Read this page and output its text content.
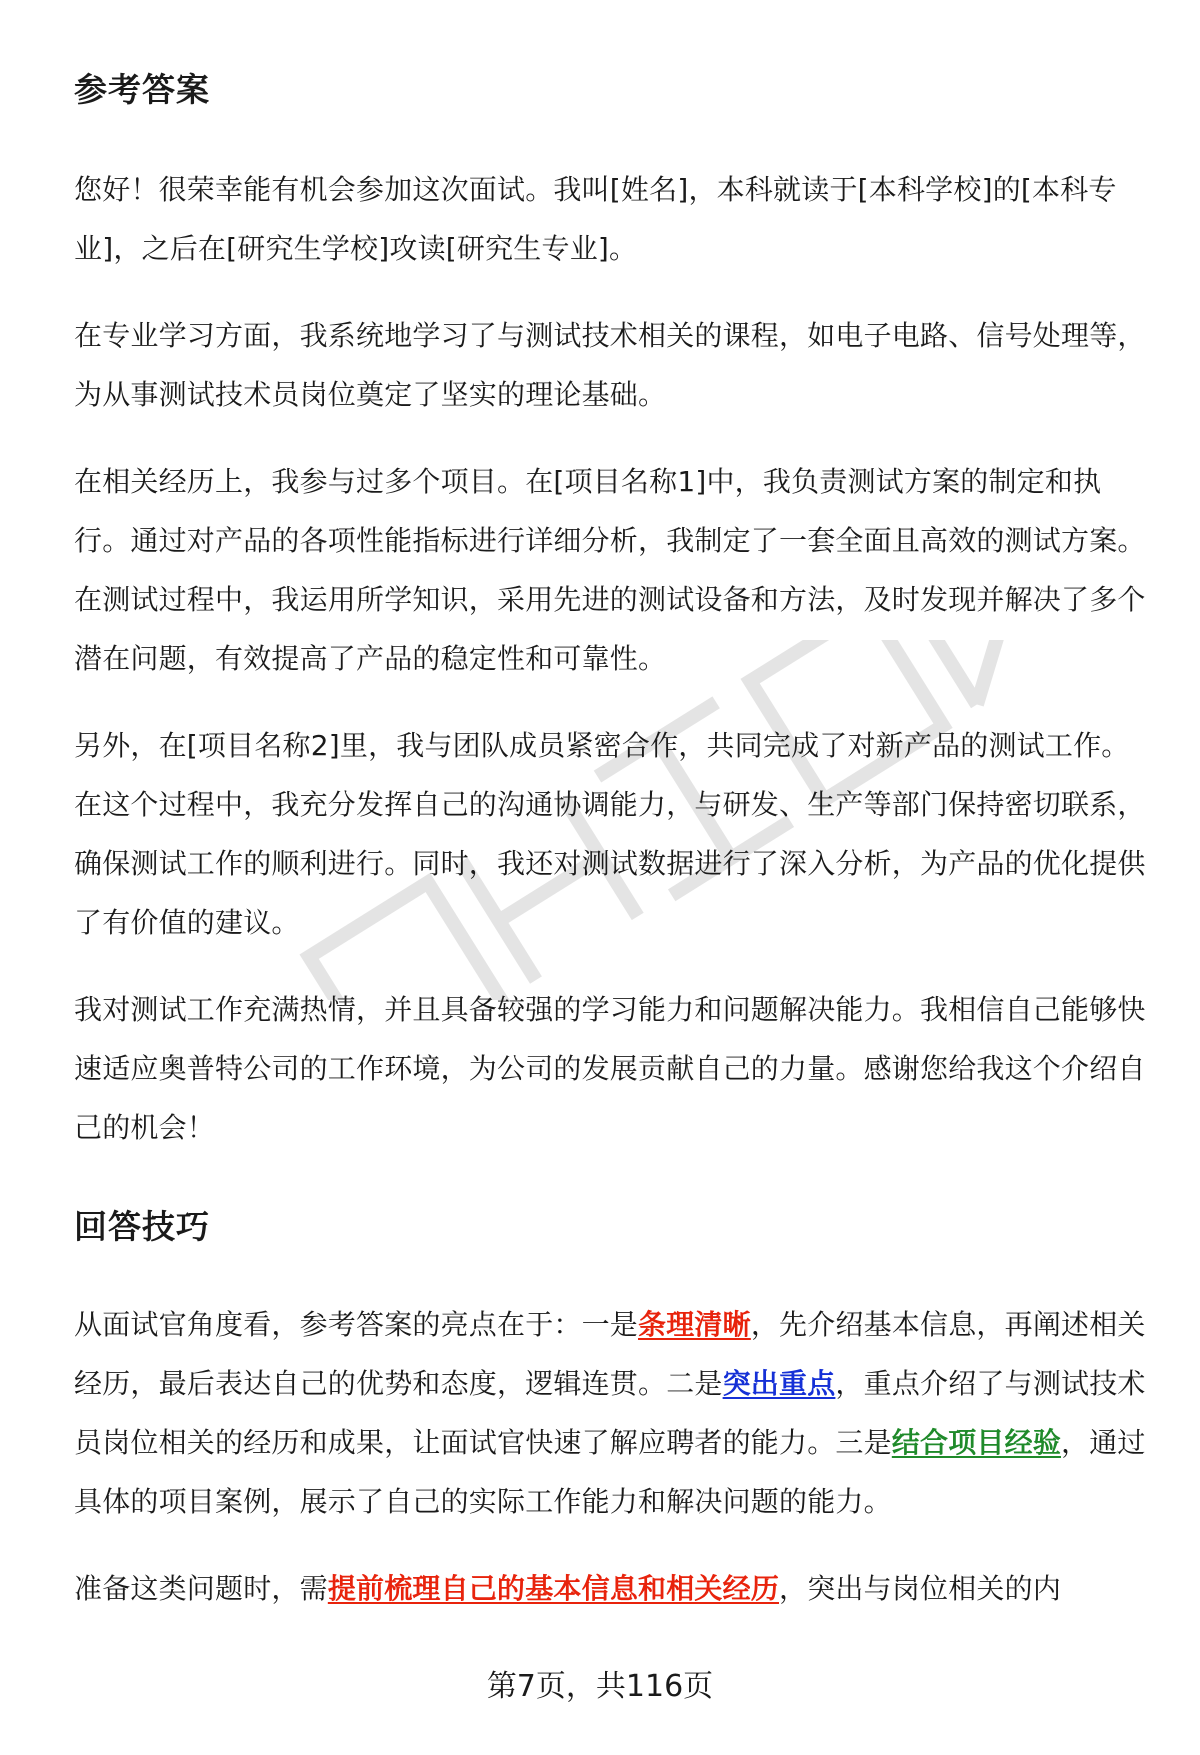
参考答案

您好！很荣幸能有机会参加这次面试。我叫[姓名]，本科就读于[本科学校]的[本科专业]，之后在[研究生学校]攻读[研究生专业]。

在专业学习方面，我系统地学习了与测试技术相关的课程，如电子电路、信号处理等，为从事测试技术员岗位奠定了坚实的理论基础。

在相关经历上，我参与过多个项目。在[项目名称1]中，我负责测试方案的制定和执行。通过对产品的各项性能指标进行详细分析，我制定了一套全面且高效的测试方案。在测试过程中，我运用所学知识，采用先进的测试设备和方法，及时发现并解决了多个潜在问题，有效提高了产品的稳定性和可靠性。

另外，在[项目名称2]里，我与团队成员紧密合作，共同完成了对新产品的测试工作。在这个过程中，我充分发挥自己的沟通协调能力，与研发、生产等部门保持密切联系，确保测试工作的顺利进行。同时，我还对测试数据进行了深入分析，为产品的优化提供了有价值的建议。

我对测试工作充满热情，并且具备较强的学习能力和问题解决能力。我相信自己能够快速适应奥普特公司的工作环境，为公司的发展贡献自己的力量。感谢您给我这个介绍自己的机会！

回答技巧

从面试官角度看，参考答案的亮点在于：一是条理清晰，先介绍基本信息，再阐述相关经历，最后表达自己的优势和态度，逻辑连贯。二是突出重点，重点介绍了与测试技术员岗位相关的经历和成果，让面试官快速了解应聘者的能力。三是结合项目经验，通过具体的项目案例，展示了自己的实际工作能力和解决问题的能力。

准备这类问题时，需提前梳理自己的基本信息和相关经历，突出与岗位相关的内

第7页，共116页
